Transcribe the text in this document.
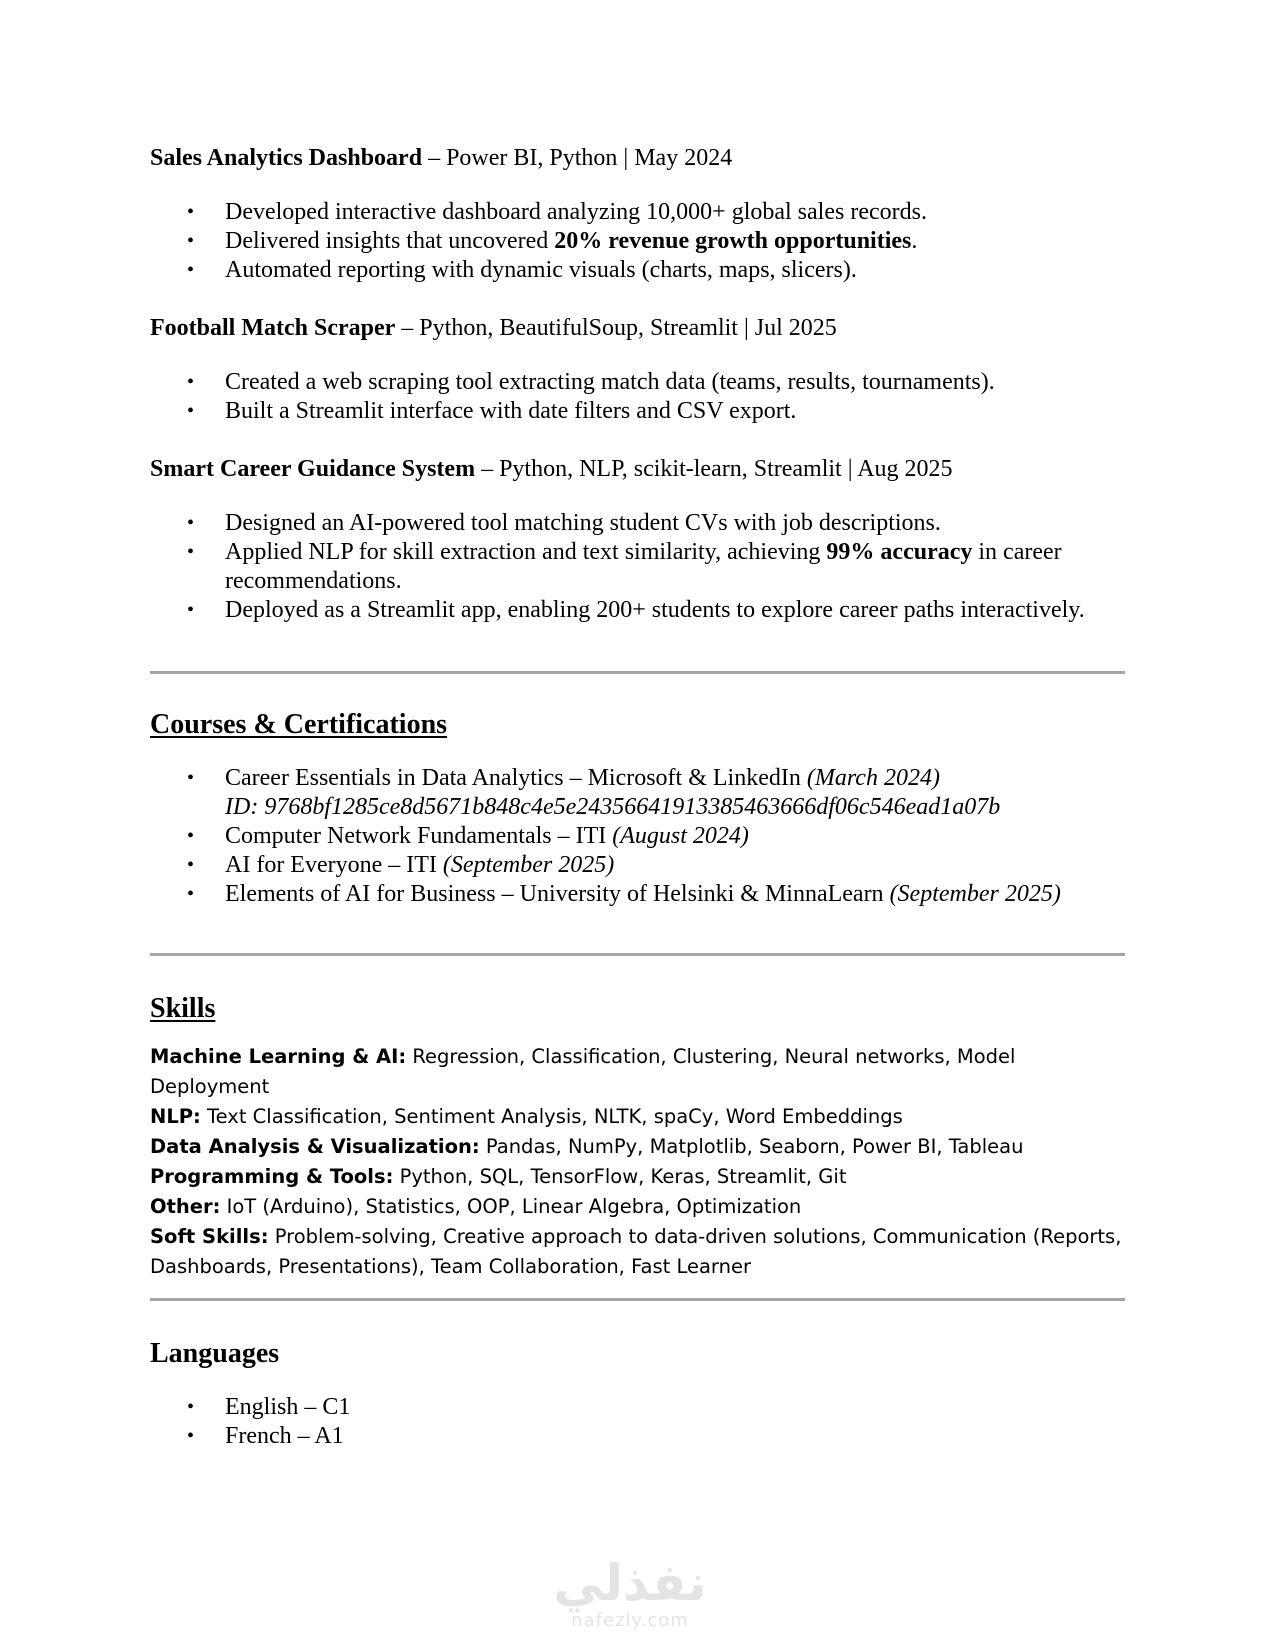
Sales Analytics Dashboard – Power BI, Python | May 2024

• Developed interactive dashboard analyzing 10,000+ global sales records.
• Delivered insights that uncovered 20% revenue growth opportunities.
• Automated reporting with dynamic visuals (charts, maps, slicers).

Football Match Scraper – Python, BeautifulSoup, Streamlit | Jul 2025

• Created a web scraping tool extracting match data (teams, results, tournaments).
• Built a Streamlit interface with date filters and CSV export.

Smart Career Guidance System – Python, NLP, scikit-learn, Streamlit | Aug 2025

• Designed an AI-powered tool matching student CVs with job descriptions.
• Applied NLP for skill extraction and text similarity, achieving 99% accuracy in career recommendations.
• Deployed as a Streamlit app, enabling 200+ students to explore career paths interactively.
Courses & Certifications
• Career Essentials in Data Analytics – Microsoft & LinkedIn (March 2024)
ID: 9768bf1285ce8d5671b848c4e5e24356641913385463666df06c546ead1a07b
• Computer Network Fundamentals – ITI (August 2024)
• AI for Everyone – ITI (September 2025)
• Elements of AI for Business – University of Helsinki & MinnaLearn (September 2025)
Skills

Machine Learning & AI: Regression, Classification, Clustering, Neural networks, Model Deployment

NLP: Text Classification, Sentiment Analysis, NLTK, spaCy, Word Embeddings

Data Analysis & Visualization: Pandas, NumPy, Matplotlib, Seaborn, Power BI, Tableau

Programming & Tools: Python, SQL, TensorFlow, Keras, Streamlit, Git

Other: IoT (Arduino), Statistics, OOP, Linear Algebra, Optimization

Soft Skills: Problem-solving, Creative approach to data-driven solutions, Communication (Reports, Dashboards, Presentations), Team Collaboration, Fast Learner

Languages
• English – C1
• French – A1
نفذلي
nafezly.com
